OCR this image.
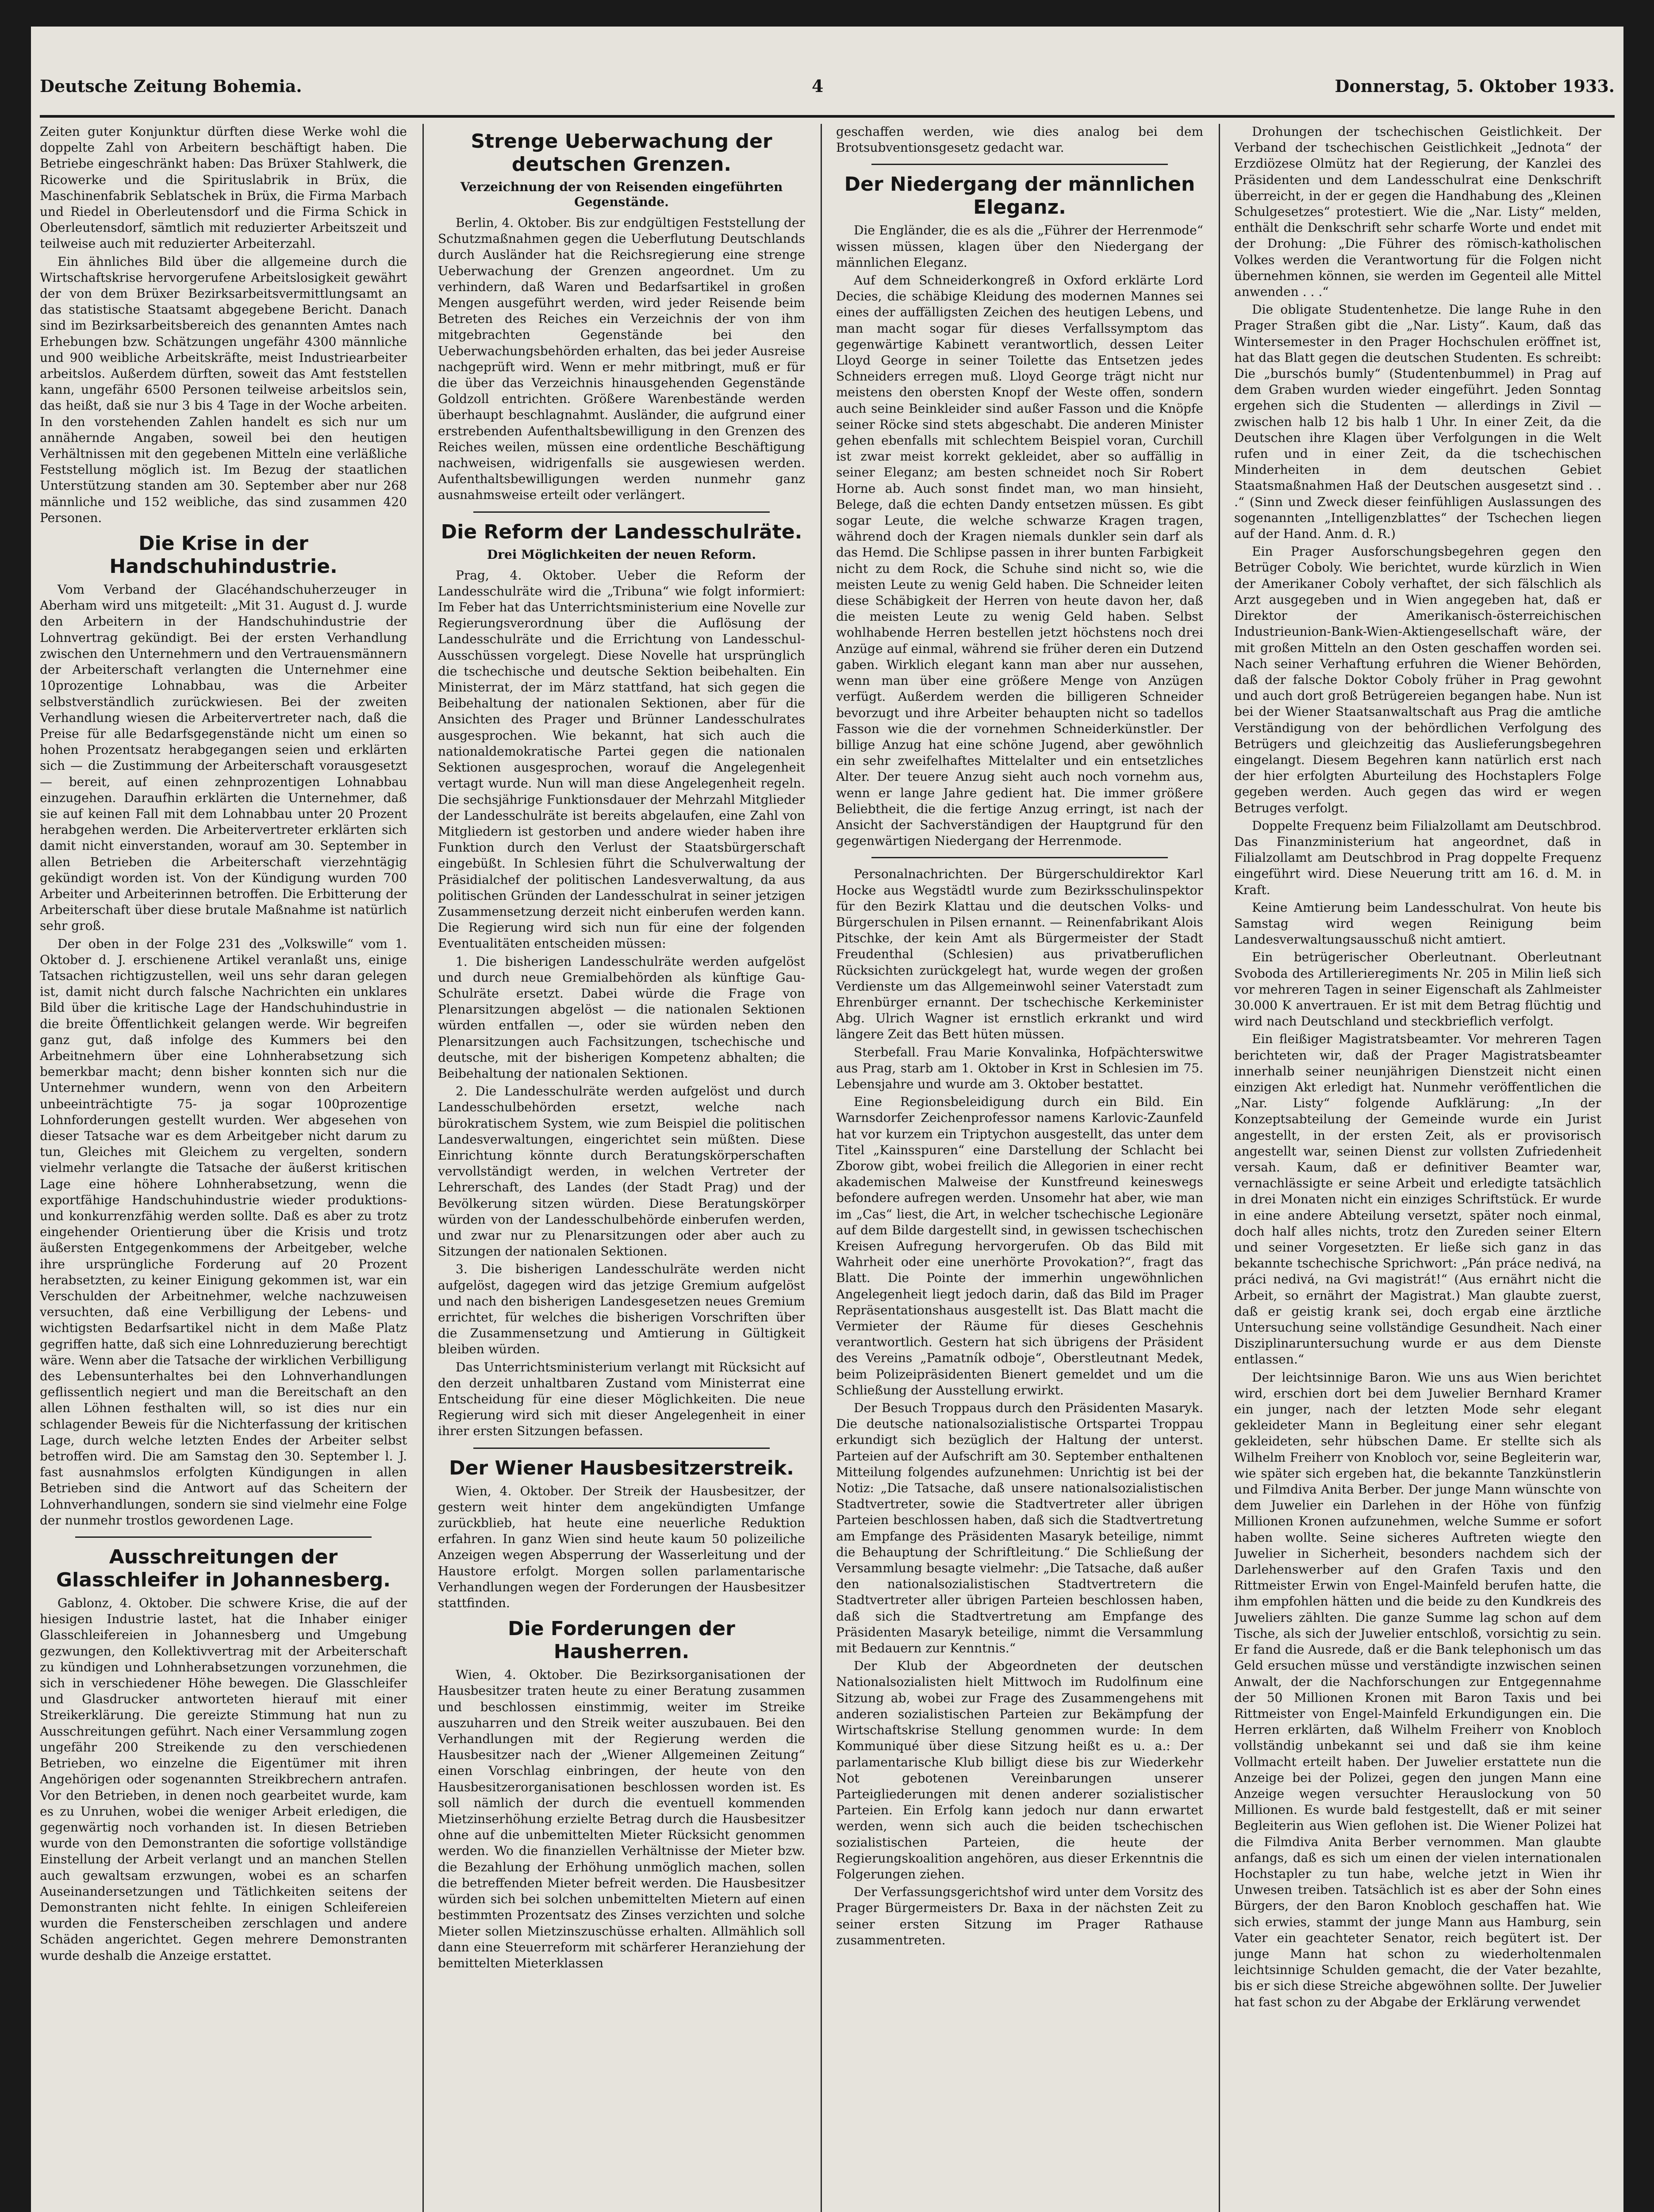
Deutsche Zeitung Bohemia.	4	Donnerstag, 5. Oktober 1933.

Zeiten guter Konjunktur dürften diese Werke wohl die doppelte Zahl von Arbeitern beschäftigt haben. Die Betriebe eingeschränkt haben: Das Brüxer Stahlwerk, die Ricowerke und die Spirituslabrik in Brüx, die Maschinenfabrik Seblatschek in Brüx, die Firma Marbach und Riedel in Oberleutensdorf und die Firma Schick in Oberleutensdorf, sämtlich mit reduzierter Arbeitszeit und teilweise auch mit reduzierter Arbeiterzahl.

Ein ähnliches Bild über die allgemeine durch die Wirtschaftskrise hervorgerufene Arbeitslosigkeit gewährt der von dem Brüxer Bezirksarbeitsvermittlungsamt an das statistische Staatsamt abgegebene Bericht. Danach sind im Bezirksarbeitsbereich des genannten Amtes nach Erhebungen bzw. Schätzungen ungefähr 4300 männliche und 900 weibliche Arbeitskräfte, meist Industriearbeiter arbeitslos. Außerdem dürften, soweit das Amt feststellen kann, ungefähr 6500 Personen teilweise arbeitslos sein, das heißt, daß sie nur 3 bis 4 Tage in der Woche arbeiten. In den vorstehenden Zahlen handelt es sich nur um annähernde Angaben, soweil bei den heutigen Verhältnissen mit den gegebenen Mitteln eine verläßliche Feststellung möglich ist. Im Bezug der staatlichen Unterstützung standen am 30. September aber nur 268 männliche und 152 weibliche, das sind zusammen 420 Personen.

Die Krise in der Handschuhindustrie.

Vom Verband der Glacéhandschuherzeuger in Aberham wird uns mitgeteilt: „Mit 31. August d. J. wurde den Arbeitern in der Handschuhindustrie der Lohnvertrag gekündigt. Bei der ersten Verhandlung zwischen den Unternehmern und den Vertrauensmännern der Arbeiterschaft verlangten die Unternehmer eine 10prozentige Lohnabbau, was die Arbeiter selbstverständlich zurückwiesen. Bei der zweiten Verhandlung wiesen die Arbeitervertreter nach, daß die Preise für alle Bedarfsgegenstände nicht um einen so hohen Prozentsatz herabgegangen seien und erklärten sich — die Zustimmung der Arbeiterschaft vorausgesetzt — bereit, auf einen zehnprozentigen Lohnabbau einzugehen. Daraufhin erklärten die Unternehmer, daß sie auf keinen Fall mit dem Lohnabbau unter 20 Prozent herabgehen werden. Die Arbeitervertreter erklärten sich damit nicht einverstanden, worauf am 30. September in allen Betrieben die Arbeiterschaft vierzehntägig gekündigt worden ist. Von der Kündigung wurden 700 Arbeiter und Arbeiterinnen betroffen. Die Erbitterung der Arbeiterschaft über diese brutale Maßnahme ist natürlich sehr groß.

Der oben in der Folge 231 des „Volkswille“ vom 1. Oktober d. J. erschienene Artikel veranlaßt uns, einige Tatsachen richtigzustellen, weil uns sehr daran gelegen ist, damit nicht durch falsche Nachrichten ein unklares Bild über die kritische Lage der Handschuhindustrie in die breite Öffentlichkeit gelangen werde. Wir begreifen ganz gut, daß infolge des Kummers bei den Arbeitnehmern über eine Lohnherabsetzung sich bemerkbar macht; denn bisher konnten sich nur die Unternehmer wundern, wenn von den Arbeitern unbeeinträchtigte 75- ja sogar 100prozentige Lohnforderungen gestellt wurden. Wer abgesehen von dieser Tatsache war es dem Arbeitgeber nicht darum zu tun, Gleiches mit Gleichem zu vergelten, sondern vielmehr verlangte die Tatsache der äußerst kritischen Lage eine höhere Lohnherabsetzung, wenn die exportfähige Handschuhindustrie wieder produktions- und konkurrenzfähig werden sollte. Daß es aber zu trotz eingehender Orientierung über die Krisis und trotz äußersten Entgegenkommens der Arbeitgeber, welche ihre ursprüngliche Forderung auf 20 Prozent herabsetzten, zu keiner Einigung gekommen ist, war ein Verschulden der Arbeitnehmer, welche nachzuweisen versuchten, daß eine Verbilligung der Lebens- und wichtigsten Bedarfsartikel nicht in dem Maße Platz gegriffen hatte, daß sich eine Lohnreduzierung berechtigt wäre. Wenn aber die Tatsache der wirklichen Verbilligung des Lebensunterhaltes bei den Lohnverhandlungen geflissentlich negiert und man die Bereitschaft an den allen Löhnen festhalten will, so ist dies nur ein schlagender Beweis für die Nichterfassung der kritischen Lage, durch welche letzten Endes der Arbeiter selbst betroffen wird. Die am Samstag den 30. September l. J. fast ausnahmslos erfolgten Kündigungen in allen Betrieben sind die Antwort auf das Scheitern der Lohnverhandlungen, sondern sie sind vielmehr eine Folge der nunmehr trostlos gewordenen Lage.

Ausschreitungen der Glasschleifer in Johannesberg.

Gablonz, 4. Oktober. Die schwere Krise, die auf der hiesigen Industrie lastet, hat die Inhaber einiger Glasschleifereien in Johannesberg und Umgebung gezwungen, den Kollektivvertrag mit der Arbeiterschaft zu kündigen und Lohnherabsetzungen vorzunehmen, die sich in verschiedener Höhe bewegen. Die Glasschleifer und Glasdrucker antworteten hierauf mit einer Streikerklärung. Die gereizte Stimmung hat nun zu Ausschreitungen geführt. Nach einer Versammlung zogen ungefähr 200 Streikende zu den verschiedenen Betrieben, wo einzelne die Eigentümer mit ihren Angehörigen oder sogenannten Streikbrechern antrafen. Vor den Betrieben, in denen noch gearbeitet wurde, kam es zu Unruhen, wobei die weniger Arbeit erledigen, die gegenwärtig noch vorhanden ist. In diesen Betrieben wurde von den Demonstranten die sofortige vollständige Einstellung der Arbeit verlangt und an manchen Stellen auch gewaltsam erzwungen, wobei es an scharfen Auseinandersetzungen und Tätlichkeiten seitens der Demonstranten nicht fehlte. In einigen Schleifereien wurden die Fensterscheiben zerschlagen und andere Schäden angerichtet. Gegen mehrere Demonstranten wurde deshalb die Anzeige erstattet.

Strenge Ueberwachung der deutschen Grenzen.
Verzeichnung der von Reisenden eingeführten Gegenstände.

Berlin, 4. Oktober. Bis zur endgültigen Feststellung der Schutzmaßnahmen gegen die Ueberflutung Deutschlands durch Ausländer hat die Reichsregierung eine strenge Ueberwachung der Grenzen angeordnet. Um zu verhindern, daß Waren und Bedarfsartikel in großen Mengen ausgeführt werden, wird jeder Reisende beim Betreten des Reiches ein Verzeichnis der von ihm mitgebrachten Gegenstände bei den Ueberwachungsbehörden erhalten, das bei jeder Ausreise nachgeprüft wird. Wenn er mehr mitbringt, muß er für die über das Verzeichnis hinausgehenden Gegenstände Goldzoll entrichten. Größere Warenbestände werden überhaupt beschlagnahmt. Ausländer, die aufgrund einer erstrebenden Aufenthaltsbewilligung in den Grenzen des Reiches weilen, müssen eine ordentliche Beschäftigung nachweisen, widrigenfalls sie ausgewiesen werden. Aufenthaltsbewilligungen werden nunmehr ganz ausnahmsweise erteilt oder verlängert.

Die Reform der Landesschulräte.
Drei Möglichkeiten der neuen Reform.

Prag, 4. Oktober. Ueber die Reform der Landesschulräte wird die „Tribuna“ wie folgt informiert: Im Feber hat das Unterrichtsministerium eine Novelle zur Regierungsverordnung über die Auflösung der Landesschulräte und die Errichtung von Landesschul-Ausschüssen vorgelegt. Diese Novelle hat ursprünglich die tschechische und deutsche Sektion beibehalten. Ein Ministerrat, der im März stattfand, hat sich gegen die Beibehaltung der nationalen Sektionen, aber für die Ansichten des Prager und Brünner Landesschulrates ausgesprochen. Wie bekannt, hat sich auch die nationaldemokratische Partei gegen die nationalen Sektionen ausgesprochen, worauf die Angelegenheit vertagt wurde. Nun will man diese Angelegenheit regeln. Die sechsjährige Funktionsdauer der Mehrzahl Mitglieder der Landesschulräte ist bereits abgelaufen, eine Zahl von Mitgliedern ist gestorben und andere wieder haben ihre Funktion durch den Verlust der Staatsbürgerschaft eingebüßt. In Schlesien führt die Schulverwaltung der Präsidialchef der politischen Landesverwaltung, da aus politischen Gründen der Landesschulrat in seiner jetzigen Zusammensetzung derzeit nicht einberufen werden kann. Die Regierung wird sich nun für eine der folgenden Eventualitäten entscheiden müssen:

1. Die bisherigen Landesschulräte werden aufgelöst und durch neue Gremialbehörden als künftige Gau-Schulräte ersetzt. Dabei würde die Frage von Plenarsitzungen abgelöst — die nationalen Sektionen würden entfallen —, oder sie würden neben den Plenarsitzungen auch Fachsitzungen, tschechische und deutsche, mit der bisherigen Kompetenz abhalten; die Beibehaltung der nationalen Sektionen.

2. Die Landesschulräte werden aufgelöst und durch Landesschulbehörden ersetzt, welche nach bürokratischem System, wie zum Beispiel die politischen Landesverwaltungen, eingerichtet sein müßten. Diese Einrichtung könnte durch Beratungskörperschaften vervollständigt werden, in welchen Vertreter der Lehrerschaft, des Landes (der Stadt Prag) und der Bevölkerung sitzen würden. Diese Beratungskörper würden von der Landesschulbehörde einberufen werden, und zwar nur zu Plenarsitzungen oder aber auch zu Sitzungen der nationalen Sektionen.

3. Die bisherigen Landesschulräte werden nicht aufgelöst, dagegen wird das jetzige Gremium aufgelöst und nach den bisherigen Landesgesetzen neues Gremium errichtet, für welches die bisherigen Vorschriften über die Zusammensetzung und Amtierung in Gültigkeit bleiben würden.

Das Unterrichtsministerium verlangt mit Rücksicht auf den derzeit unhaltbaren Zustand vom Ministerrat eine Entscheidung für eine dieser Möglichkeiten. Die neue Regierung wird sich mit dieser Angelegenheit in einer ihrer ersten Sitzungen befassen.

Der Wiener Hausbesitzerstreik.

Wien, 4. Oktober. Der Streik der Hausbesitzer, der gestern weit hinter dem angekündigten Umfange zurückblieb, hat heute eine neuerliche Reduktion erfahren. In ganz Wien sind heute kaum 50 polizeiliche Anzeigen wegen Absperrung der Wasserleitung und der Haustore erfolgt. Morgen sollen parlamentarische Verhandlungen wegen der Forderungen der Hausbesitzer stattfinden.

Die Forderungen der Hausherren.

Wien, 4. Oktober. Die Bezirksorganisationen der Hausbesitzer traten heute zu einer Beratung zusammen und beschlossen einstimmig, weiter im Streike auszuharren und den Streik weiter auszubauen. Bei den Verhandlungen mit der Regierung werden die Hausbesitzer nach der „Wiener Allgemeinen Zeitung“ einen Vorschlag einbringen, der heute von den Hausbesitzerorganisationen beschlossen worden ist. Es soll nämlich der durch die eventuell kommenden Mietzinserhöhung erzielte Betrag durch die Hausbesitzer ohne auf die unbemittelten Mieter Rücksicht genommen werden. Wo die finanziellen Verhältnisse der Mieter bzw. die Bezahlung der Erhöhung unmöglich machen, sollen die betreffenden Mieter befreit werden. Die Hausbesitzer würden sich bei solchen unbemittelten Mietern auf einen bestimmten Prozentsatz des Zinses verzichten und solche Mieter sollen Mietzinszuschüsse erhalten. Allmählich soll dann eine Steuerreform mit schärferer Heranziehung der bemittelten Mieterklassen

geschaffen werden, wie dies analog bei dem Brotsubventionsgesetz gedacht war.

Der Niedergang der männlichen Eleganz.

Die Engländer, die es als die „Führer der Herrenmode“ wissen müssen, klagen über den Niedergang der männlichen Eleganz.

Auf dem Schneiderkongreß in Oxford erklärte Lord Decies, die schäbige Kleidung des modernen Mannes sei eines der auffälligsten Zeichen des heutigen Lebens, und man macht sogar für dieses Verfallssymptom das gegenwärtige Kabinett verantwortlich, dessen Leiter Lloyd George in seiner Toilette das Entsetzen jedes Schneiders erregen muß. Lloyd George trägt nicht nur meistens den obersten Knopf der Weste offen, sondern auch seine Beinkleider sind außer Fasson und die Knöpfe seiner Röcke sind stets abgeschabt. Die anderen Minister gehen ebenfalls mit schlechtem Beispiel voran, Curchill ist zwar meist korrekt gekleidet, aber so auffällig in seiner Eleganz; am besten schneidet noch Sir Robert Horne ab. Auch sonst findet man, wo man hinsieht, Belege, daß die echten Dandy entsetzen müssen. Es gibt sogar Leute, die welche schwarze Kragen tragen, während doch der Kragen niemals dunkler sein darf als das Hemd. Die Schlipse passen in ihrer bunten Farbigkeit nicht zu dem Rock, die Schuhe sind nicht so, wie die meisten Leute zu wenig Geld haben. Die Schneider leiten diese Schäbigkeit der Herren von heute davon her, daß die meisten Leute zu wenig Geld haben. Selbst wohlhabende Herren bestellen jetzt höchstens noch drei Anzüge auf einmal, während sie früher deren ein Dutzend gaben. Wirklich elegant kann man aber nur aussehen, wenn man über eine größere Menge von Anzügen verfügt. Außerdem werden die billigeren Schneider bevorzugt und ihre Arbeiter behaupten nicht so tadellos Fasson wie die der vornehmen Schneiderkünstler. Der billige Anzug hat eine schöne Jugend, aber gewöhnlich ein sehr zweifelhaftes Mittelalter und ein entsetzliches Alter. Der teuere Anzug sieht auch noch vornehm aus, wenn er lange Jahre gedient hat. Die immer größere Beliebtheit, die die fertige Anzug erringt, ist nach der Ansicht der Sachverständigen der Hauptgrund für den gegenwärtigen Niedergang der Herrenmode.

Personalnachrichten. Der Bürgerschuldirektor Karl Hocke aus Wegstädtl wurde zum Bezirksschulinspektor für den Bezirk Klattau und die deutschen Volks- und Bürgerschulen in Pilsen ernannt. — Reinenfabrikant Alois Pitschke, der kein Amt als Bürgermeister der Stadt Freudenthal (Schlesien) aus privatberuflichen Rücksichten zurückgelegt hat, wurde wegen der großen Verdienste um das Allgemeinwohl seiner Vaterstadt zum Ehrenbürger ernannt. Der tschechische Kerkeminister Abg. Ulrich Wagner ist ernstlich erkrankt und wird längere Zeit das Bett hüten müssen.

Sterbefall. Frau Marie Konvalinka, Hofpächterswitwe aus Prag, starb am 1. Oktober in Krst in Schlesien im 75. Lebensjahre und wurde am 3. Oktober bestattet.

Eine Regionsbeleidigung durch ein Bild. Ein Warnsdorfer Zeichenprofessor namens Karlovic-Zaunfeld hat vor kurzem ein Triptychon ausgestellt, das unter dem Titel „Kainsspuren“ eine Darstellung der Schlacht bei Zborow gibt, wobei freilich die Allegorien in einer recht akademischen Malweise der Kunstfreund keineswegs befondere aufregen werden. Unsomehr hat aber, wie man im „Cas“ liest, die Art, in welcher tschechische Legionäre auf dem Bilde dargestellt sind, in gewissen tschechischen Kreisen Aufregung hervorgerufen. Ob das Bild mit Wahrheit oder eine unerhörte Provokation?“, fragt das Blatt. Die Pointe der immerhin ungewöhnlichen Angelegenheit liegt jedoch darin, daß das Bild im Prager Repräsentationshaus ausgestellt ist. Das Blatt macht die Vermieter der Räume für dieses Geschehnis verantwortlich. Gestern hat sich übrigens der Präsident des Vereins „Pamatník odboje“, Oberstleutnant Medek, beim Polizeipräsidenten Bienert gemeldet und um die Schließung der Ausstellung erwirkt.

Der Besuch Troppaus durch den Präsidenten Masaryk. Die deutsche nationalsozialistische Ortspartei Troppau erkundigt sich bezüglich der Haltung der unterst. Parteien auf der Aufschrift am 30. September enthaltenen Mitteilung folgendes aufzunehmen: Unrichtig ist bei der Notiz: „Die Tatsache, daß unsere nationalsozialistischen Stadtvertreter, sowie die Stadtvertreter aller übrigen Parteien beschlossen haben, daß sich die Stadtvertretung am Empfange des Präsidenten Masaryk beteilige, nimmt die Behauptung der Schriftleitung.“ Die Schließung der Versammlung besagte vielmehr: „Die Tatsache, daß außer den nationalsozialistischen Stadtvertretern die Stadtvertreter aller übrigen Parteien beschlossen haben, daß sich die Stadtvertretung am Empfange des Präsidenten Masaryk beteilige, nimmt die Versammlung mit Bedauern zur Kenntnis.“

Der Klub der Abgeordneten der deutschen Nationalsozialisten hielt Mittwoch im Rudolfinum eine Sitzung ab, wobei zur Frage des Zusammengehens mit anderen sozialistischen Parteien zur Bekämpfung der Wirtschaftskrise Stellung genommen wurde: In dem Kommuniqué über diese Sitzung heißt es u. a.: Der parlamentarische Klub billigt diese bis zur Wiederkehr Not gebotenen Vereinbarungen unserer Parteigliederungen mit denen anderer sozialistischer Parteien. Ein Erfolg kann jedoch nur dann erwartet werden, wenn sich auch die beiden tschechischen sozialistischen Parteien, die heute der Regierungskoalition angehören, aus dieser Erkenntnis die Folgerungen ziehen.

Der Verfassungsgerichtshof wird unter dem Vorsitz des Prager Bürgermeisters Dr. Baxa in der nächsten Zeit zu seiner ersten Sitzung im Prager Rathause zusammentreten.

Drohungen der tschechischen Geistlichkeit. Der Verband der tschechischen Geistlichkeit „Jednota“ der Erzdiözese Olmütz hat der Regierung, der Kanzlei des Präsidenten und dem Landesschulrat eine Denkschrift überreicht, in der er gegen die Handhabung des „Kleinen Schulgesetzes“ protestiert. Wie die „Nar. Listy“ melden, enthält die Denkschrift sehr scharfe Worte und endet mit der Drohung: „Die Führer des römisch-katholischen Volkes werden die Verantwortung für die Folgen nicht übernehmen können, sie werden im Gegenteil alle Mittel anwenden . . .“

Die obligate Studentenhetze. Die lange Ruhe in den Prager Straßen gibt die „Nar. Listy“. Kaum, daß das Wintersemester in den Prager Hochschulen eröffnet ist, hat das Blatt gegen die deutschen Studenten. Es schreibt: Die „burschós bumly“ (Studentenbummel) in Prag auf dem Graben wurden wieder eingeführt. Jeden Sonntag ergehen sich die Studenten — allerdings in Zivil — zwischen halb 12 bis halb 1 Uhr. In einer Zeit, da die Deutschen ihre Klagen über Verfolgungen in die Welt rufen und in einer Zeit, da die tschechischen Minderheiten in dem deutschen Gebiet Staatsmaßnahmen Haß der Deutschen ausgesetzt sind . . .“ (Sinn und Zweck dieser feinfühligen Auslassungen des sogenannten „Intelligenzblattes“ der Tschechen liegen auf der Hand. Anm. d. R.)

Ein Prager Ausforschungsbegehren gegen den Betrüger Coboly. Wie berichtet, wurde kürzlich in Wien der Amerikaner Coboly verhaftet, der sich fälschlich als Arzt ausgegeben und in Wien angegeben hat, daß er Direktor der Amerikanisch-österreichischen Industrieunion-Bank-Wien-Aktiengesellschaft wäre, der mit großen Mitteln an den Osten geschaffen worden sei. Nach seiner Verhaftung erfuhren die Wiener Behörden, daß der falsche Doktor Coboly früher in Prag gewohnt und auch dort groß Betrügereien begangen habe. Nun ist bei der Wiener Staatsanwaltschaft aus Prag die amtliche Verständigung von der behördlichen Verfolgung des Betrügers und gleichzeitig das Auslieferungsbegehren eingelangt. Diesem Begehren kann natürlich erst nach der hier erfolgten Aburteilung des Hochstaplers Folge gegeben werden. Auch gegen das wird er wegen Betruges verfolgt.

Doppelte Frequenz beim Filialzollamt am Deutschbrod. Das Finanzministerium hat angeordnet, daß in Filialzollamt am Deutschbrod in Prag doppelte Frequenz eingeführt wird. Diese Neuerung tritt am 16. d. M. in Kraft.

Keine Amtierung beim Landesschulrat. Von heute bis Samstag wird wegen Reinigung beim Landesverwaltungsausschuß nicht amtiert.

Ein betrügerischer Oberleutnant. Oberleutnant Svoboda des Artillerieregiments Nr. 205 in Milin ließ sich vor mehreren Tagen in seiner Eigenschaft als Zahlmeister 30.000 K anvertrauen. Er ist mit dem Betrag flüchtig und wird nach Deutschland und steckbrieflich verfolgt.

Ein fleißiger Magistratsbeamter. Vor mehreren Tagen berichteten wir, daß der Prager Magistratsbeamter innerhalb seiner neunjährigen Dienstzeit nicht einen einzigen Akt erledigt hat. Nunmehr veröffentlichen die „Nar. Listy“ folgende Aufklärung: „In der Konzeptsabteilung der Gemeinde wurde ein Jurist angestellt, in der ersten Zeit, als er provisorisch angestellt war, seinen Dienst zur vollsten Zufriedenheit versah. Kaum, daß er definitiver Beamter war, vernachlässigte er seine Arbeit und erledigte tatsächlich in drei Monaten nicht ein einziges Schriftstück. Er wurde in eine andere Abteilung versetzt, später noch einmal, doch half alles nichts, trotz den Zureden seiner Eltern und seiner Vorgesetzten. Er ließe sich ganz in das bekannte tschechische Sprichwort: „Pán práce nedivá, na práci nedivá, na Gvi magistrát!“ (Aus ernährt nicht die Arbeit, so ernährt der Magistrat.) Man glaubte zuerst, daß er geistig krank sei, doch ergab eine ärztliche Untersuchung seine vollständige Gesundheit. Nach einer Disziplinaruntersuchung wurde er aus dem Dienste entlassen.“

Der leichtsinnige Baron. Wie uns aus Wien berichtet wird, erschien dort bei dem Juwelier Bernhard Kramer ein junger, nach der letzten Mode sehr elegant gekleideter Mann in Begleitung einer sehr elegant gekleideten, sehr hübschen Dame. Er stellte sich als Wilhelm Freiherr von Knobloch vor, seine Begleiterin war, wie später sich ergeben hat, die bekannte Tanzkünstlerin und Filmdiva Anita Berber. Der junge Mann wünschte von dem Juwelier ein Darlehen in der Höhe von fünfzig Millionen Kronen aufzunehmen, welche Summe er sofort haben wollte. Seine sicheres Auftreten wiegte den Juwelier in Sicherheit, besonders nachdem sich der Darlehenswerber auf den Grafen Taxis und den Rittmeister Erwin von Engel-Mainfeld berufen hatte, die ihm empfohlen hätten und die beide zu den Kundkreis des Juweliers zählten. Die ganze Summe lag schon auf dem Tische, als sich der Juwelier entschloß, vorsichtig zu sein. Er fand die Ausrede, daß er die Bank telephonisch um das Geld ersuchen müsse und verständigte inzwischen seinen Anwalt, der die Nachforschungen zur Entgegennahme der 50 Millionen Kronen mit Baron Taxis und bei Rittmeister von Engel-Mainfeld Erkundigungen ein. Die Herren erklärten, daß Wilhelm Freiherr von Knobloch vollständig unbekannt sei und daß sie ihm keine Vollmacht erteilt haben. Der Juwelier erstattete nun die Anzeige bei der Polizei, gegen den jungen Mann eine Anzeige wegen versuchter Herauslockung von 50 Millionen. Es wurde bald festgestellt, daß er mit seiner Begleiterin aus Wien geflohen ist. Die Wiener Polizei hat die Filmdiva Anita Berber vernommen. Man glaubte anfangs, daß es sich um einen der vielen internationalen Hochstapler zu tun habe, welche jetzt in Wien ihr Unwesen treiben. Tatsächlich ist es aber der Sohn eines Bürgers, der den Baron Knobloch geschaffen hat. Wie sich erwies, stammt der junge Mann aus Hamburg, sein Vater ein geachteter Senator, reich begütert ist. Der junge Mann hat schon zu wiederholtenmalen leichtsinnige Schulden gemacht, die der Vater bezahlte, bis er sich diese Streiche abgewöhnen sollte. Der Juwelier hat fast schon zu der Abgabe der Erklärung verwendet
